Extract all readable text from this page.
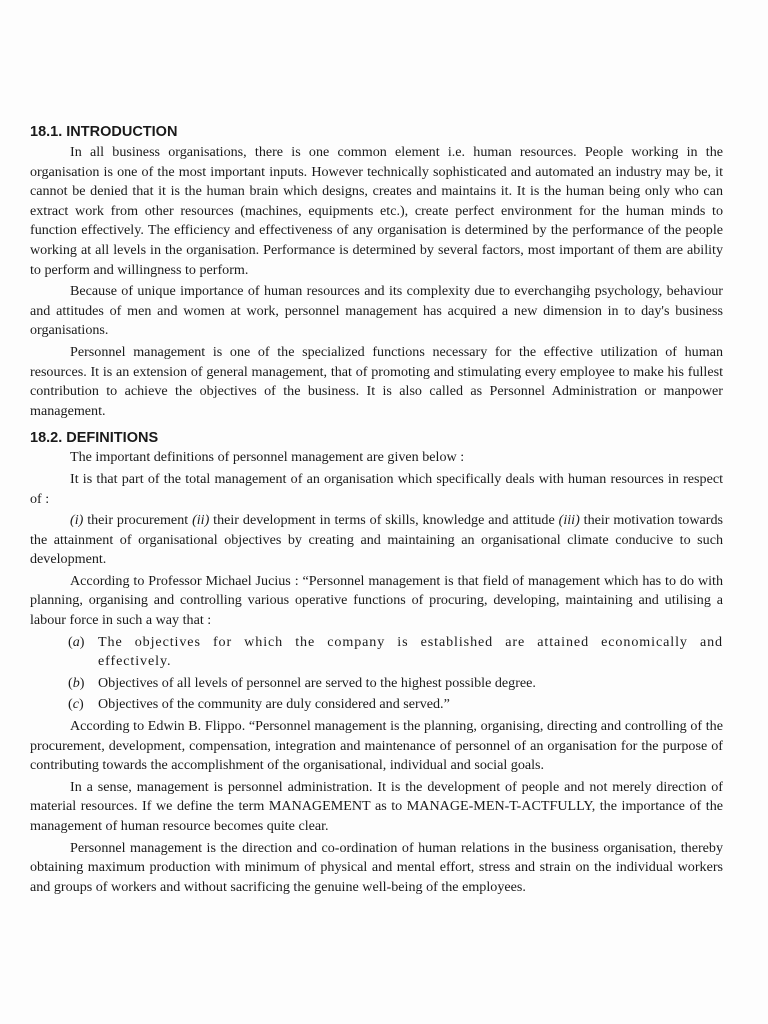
18.1. INTRODUCTION

In all business organisations, there is one common element i.e. human resources. People working in the organisation is one of the most important inputs. However technically sophisticated and automated an industry may be, it cannot be denied that it is the human brain which designs, creates and maintains it. It is the human being only who can extract work from other resources (machines, equipments etc.), create perfect environment for the human minds to function effectively. The efficiency and effectiveness of any organisation is determined by the performance of the people working at all levels in the organisation. Performance is determined by several factors, most important of them are ability to perform and willingness to perform.

Because of unique importance of human resources and its complexity due to everchangihg psychology, behaviour and attitudes of men and women at work, personnel management has acquired a new dimension in to day's business organisations.

Personnel management is one of the specialized functions necessary for the effective utilization of human resources. It is an extension of general management, that of promoting and stimulating every employee to make his fullest contribution to achieve the objectives of the business. It is also called as Personnel Administration or manpower management.

18.2. DEFINITIONS

The important definitions of personnel management are given below :

It is that part of the total management of an organisation which specifically deals with human resources in respect of :

(i) their procurement (ii) their development in terms of skills, knowledge and attitude (iii) their motivation towards the attainment of organisational objectives by creating and maintaining an organisational climate conducive to such development.

According to Professor Michael Jucius : “Personnel management is that field of management which has to do with planning, organising and controlling various operative functions of procuring, developing, maintaining and utilising a labour force in such a way that :

(a) The objectives for which the company is established are attained economically and effectively.
(b) Objectives of all levels of personnel are served to the highest possible degree.
(c) Objectives of the community are duly considered and served.”

According to Edwin B. Flippo. “Personnel management is the planning, organising, directing and controlling of the procurement, development, compensation, integration and maintenance of personnel of an organisation for the purpose of contributing towards the accomplishment of the organisational, individual and social goals.

In a sense, management is personnel administration. It is the development of people and not merely direction of material resources. If we define the term MANAGEMENT as to MANAGE-MEN-T-ACTFULLY, the importance of the management of human resource becomes quite clear.

Personnel management is the direction and co-ordination of human relations in the business organisation, thereby obtaining maximum production with minimum of physical and mental effort, stress and strain on the individual workers and groups of workers and without sacrificing the genuine well-being of the employees.
